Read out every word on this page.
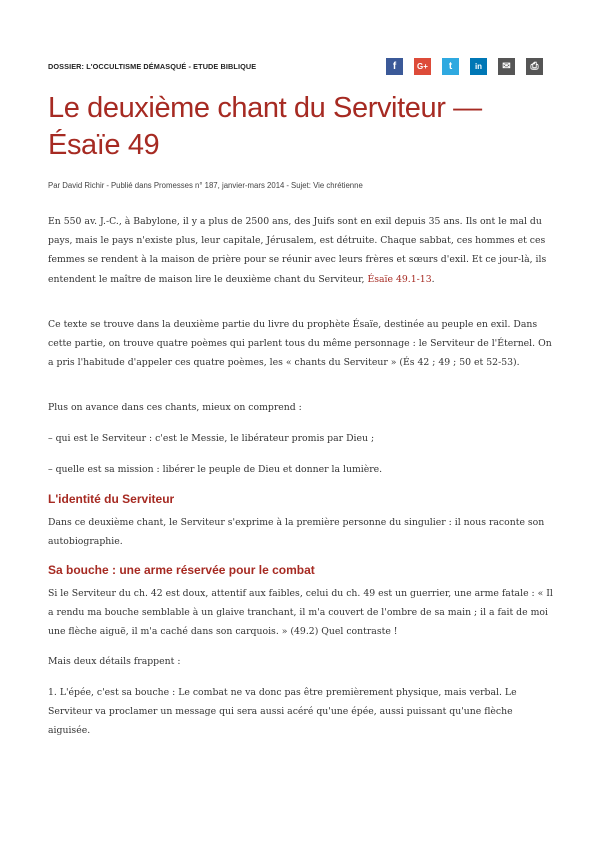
DOSSIER: L'OCCULTISME DÉMASQUÉ - ETUDE BIBLIQUE	f	G+	t	in	✉	⎙
Le deuxième chant du Serviteur —
Ésaïe 49
Par David Richir - Publié dans Promesses n° 187, janvier-mars 2014 - Sujet: Vie chrétienne

En 550 av. J.-C., à Babylone, il y a plus de 2500 ans, des Juifs sont en exil depuis 35 ans. Ils ont le mal du pays, mais le pays n'existe plus, leur capitale, Jérusalem, est détruite. Chaque sabbat, ces hommes et ces femmes se rendent à la maison de prière pour se réunir avec leurs frères et sœurs d'exil. Et ce jour-là, ils entendent le maître de maison lire le deuxième chant du Serviteur, Ésaïe 49.1-13.

Ce texte se trouve dans la deuxième partie du livre du prophète Ésaïe, destinée au peuple en exil. Dans cette partie, on trouve quatre poèmes qui parlent tous du même personnage : le Serviteur de l'Éternel. On a pris l'habitude d'appeler ces quatre poèmes, les « chants du Serviteur » (És 42 ; 49 ; 50 et 52-53).

Plus on avance dans ces chants, mieux on comprend :

– qui est le Serviteur : c'est le Messie, le libérateur promis par Dieu ;

– quelle est sa mission : libérer le peuple de Dieu et donner la lumière.

L'identité du Serviteur

Dans ce deuxième chant, le Serviteur s'exprime à la première personne du singulier : il nous raconte son autobiographie.

Sa bouche : une arme réservée pour le combat

Si le Serviteur du ch. 42 est doux, attentif aux faibles, celui du ch. 49 est un guerrier, une arme fatale : « Il a rendu ma bouche semblable à un glaive tranchant, il m'a couvert de l'ombre de sa main ; il a fait de moi une flèche aiguë, il m'a caché dans son carquois. » (49.2) Quel contraste !

Mais deux détails frappent :

1. L'épée, c'est sa bouche : Le combat ne va donc pas être premièrement physique, mais verbal. Le Serviteur va proclamer un message qui sera aussi acéré qu'une épée, aussi puissant qu'une flèche aiguisée.
